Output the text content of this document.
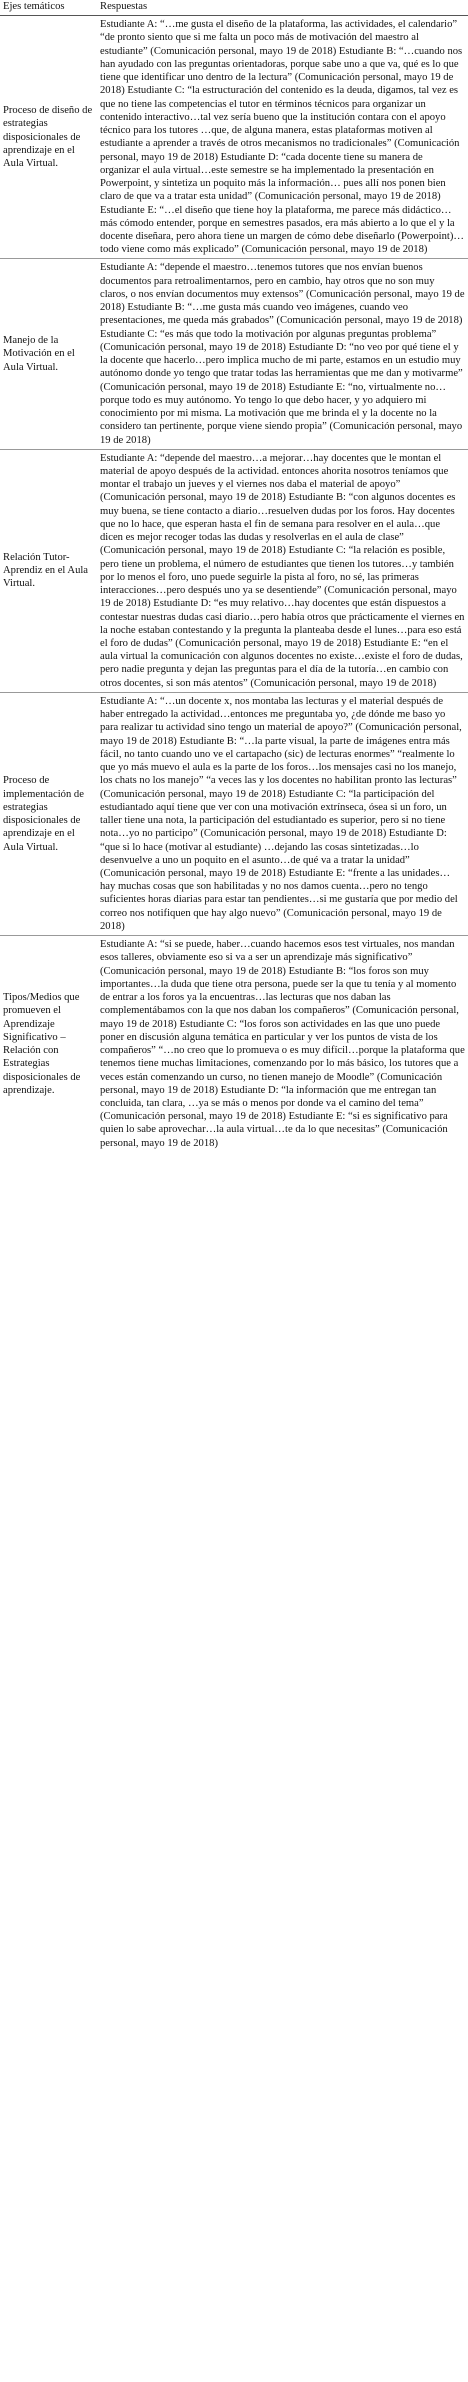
Ejes temáticos	Respuestas
Proceso de diseño de estrategias disposicionales de aprendizaje en el Aula Virtual.	Estudiante A: “…me gusta el diseño de la plataforma, las actividades, el calendario” “de pronto siento que si me falta un poco más de motivación del maestro al estudiante” (Comunicación personal, mayo 19 de 2018) Estudiante B: “…cuando nos han ayudado con las preguntas orientadoras, porque sabe uno a que va, qué es lo que tiene que identificar uno dentro de la lectura” (Comunicación personal, mayo 19 de 2018) Estudiante C: “la estructuración del contenido es la deuda, digamos, tal vez es que no tiene las competencias el tutor en términos técnicos para organizar un contenido interactivo…tal vez sería bueno que la institución contara con el apoyo técnico para los tutores …que, de alguna manera, estas plataformas motiven al estudiante a aprender a través de otros mecanismos no tradicionales” (Comunicación personal, mayo 19 de 2018) Estudiante D: “cada docente tiene su manera de organizar el aula virtual…este semestre se ha implementado la presentación en Powerpoint, y sintetiza un poquito más la información… pues allí nos ponen bien claro de que va a tratar esta unidad” (Comunicación personal, mayo 19 de 2018) Estudiante E: “…el diseño que tiene hoy la plataforma, me parece más didáctico…más cómodo entender, porque en semestres pasados, era más abierto a lo que el y la docente diseñara, pero ahora tiene un margen de cómo debe diseñarlo (Powerpoint)…todo viene como más explicado” (Comunicación personal, mayo 19 de 2018)
Manejo de la Motivación en el Aula Virtual.	Estudiante A: “depende el maestro…tenemos tutores que nos envían buenos documentos para retroalimentarnos, pero en cambio, hay otros que no son muy claros, o nos envían documentos muy extensos” (Comunicación personal, mayo 19 de 2018) Estudiante B: “…me gusta más cuando veo imágenes, cuando veo presentaciones, me queda más grabados” (Comunicación personal, mayo 19 de 2018) Estudiante C: “es más que todo la motivación por algunas preguntas problema” (Comunicación personal, mayo 19 de 2018) Estudiante D: “no veo por qué tiene el y la docente que hacerlo…pero implica mucho de mi parte, estamos en un estudio muy autónomo donde yo tengo que tratar todas las herramientas que me dan y motivarme” (Comunicación personal, mayo 19 de 2018) Estudiante E: “no, virtualmente no…porque todo es muy autónomo. Yo tengo lo que debo hacer, y yo adquiero mi conocimiento por mi misma. La motivación que me brinda el y la docente no la considero tan pertinente, porque viene siendo propia” (Comunicación personal, mayo 19 de 2018)
Relación Tutor-Aprendiz en el Aula Virtual.	Estudiante A: “depende del maestro…a mejorar…hay docentes que le montan el material de apoyo después de la actividad. entonces ahorita nosotros teníamos que montar el trabajo un jueves y el viernes nos daba el material de apoyo” (Comunicación personal, mayo 19 de 2018) Estudiante B: “con algunos docentes es muy buena, se tiene contacto a diario…resuelven dudas por los foros. Hay docentes que no lo hace, que esperan hasta el fin de semana para resolver en el aula…que dicen es mejor recoger todas las dudas y resolverlas en el aula de clase” (Comunicación personal, mayo 19 de 2018) Estudiante C: “la relación es posible, pero tiene un problema, el número de estudiantes que tienen los tutores…y también por lo menos el foro, uno puede seguirle la pista al foro, no sé, las primeras interacciones…pero después uno ya se desentiende” (Comunicación personal, mayo 19 de 2018) Estudiante D: “es muy relativo…hay docentes que están dispuestos a contestar nuestras dudas casi diario…pero había otros que prácticamente el viernes en la noche estaban contestando y la pregunta la planteaba desde el lunes…para eso está el foro de dudas” (Comunicación personal, mayo 19 de 2018) Estudiante E: “en el aula virtual la comunicación con algunos docentes no existe…existe el foro de dudas, pero nadie pregunta y dejan las preguntas para el día de la tutoría…en cambio con otros docentes, si son más atentos” (Comunicación personal, mayo 19 de 2018)
Proceso de implementación de estrategias disposicionales de aprendizaje en el Aula Virtual.	Estudiante A: “…un docente x, nos montaba las lecturas y el material después de haber entregado la actividad…entonces me preguntaba yo, ¿de dónde me baso yo para realizar tu actividad sino tengo un material de apoyo?” (Comunicación personal, mayo 19 de 2018) Estudiante B: “…la parte visual, la parte de imágenes entra más fácil, no tanto cuando uno ve el cartapacho (sic) de lecturas enormes” “realmente lo que yo más muevo el aula es la parte de los foros…los mensajes casi no los manejo, los chats no los manejo” “a veces las y los docentes no habilitan pronto las lecturas” (Comunicación personal, mayo 19 de 2018) Estudiante C: “la participación del estudiantado aquí tiene que ver con una motivación extrínseca, ósea si un foro, un taller tiene una nota, la participación del estudiantado es superior, pero si no tiene nota…yo no participo” (Comunicación personal, mayo 19 de 2018) Estudiante D: “que si lo hace (motivar al estudiante) …dejando las cosas sintetizadas…lo desenvuelve a uno un poquito en el asunto…de qué va a tratar la unidad” (Comunicación personal, mayo 19 de 2018) Estudiante E: “frente a las unidades…hay muchas cosas que son habilitadas y no nos damos cuenta…pero no tengo suficientes horas diarias para estar tan pendientes…si me gustaría que por medio del correo nos notifiquen que hay algo nuevo” (Comunicación personal, mayo 19 de 2018)
Tipos/Medios que promueven el Aprendizaje Significativo – Relación con Estrategias disposicionales de aprendizaje.	Estudiante A: “si se puede, haber…cuando hacemos esos test virtuales, nos mandan esos talleres, obviamente eso si va a ser un aprendizaje más significativo” (Comunicación personal, mayo 19 de 2018) Estudiante B: “los foros son muy importantes…la duda que tiene otra persona, puede ser la que tu tenía y al momento de entrar a los foros ya la encuentras…las lecturas que nos daban las complementábamos con la que nos daban los compañeros” (Comunicación personal, mayo 19 de 2018) Estudiante C: “los foros son actividades en las que uno puede poner en discusión alguna temática en particular y ver los puntos de vista de los compañeros” “…no creo que lo promueva o es muy difícil…porque la plataforma que tenemos tiene muchas limitaciones, comenzando por lo más básico, los tutores que a veces están comenzando un curso, no tienen manejo de Moodle” (Comunicación personal, mayo 19 de 2018) Estudiante D: “la información que me entregan tan concluida, tan clara, …ya se más o menos por donde va el camino del tema” (Comunicación personal, mayo 19 de 2018) Estudiante E: “si es significativo para quien lo sabe aprovechar…la aula virtual…te da lo que necesitas” (Comunicación personal, mayo 19 de 2018)
